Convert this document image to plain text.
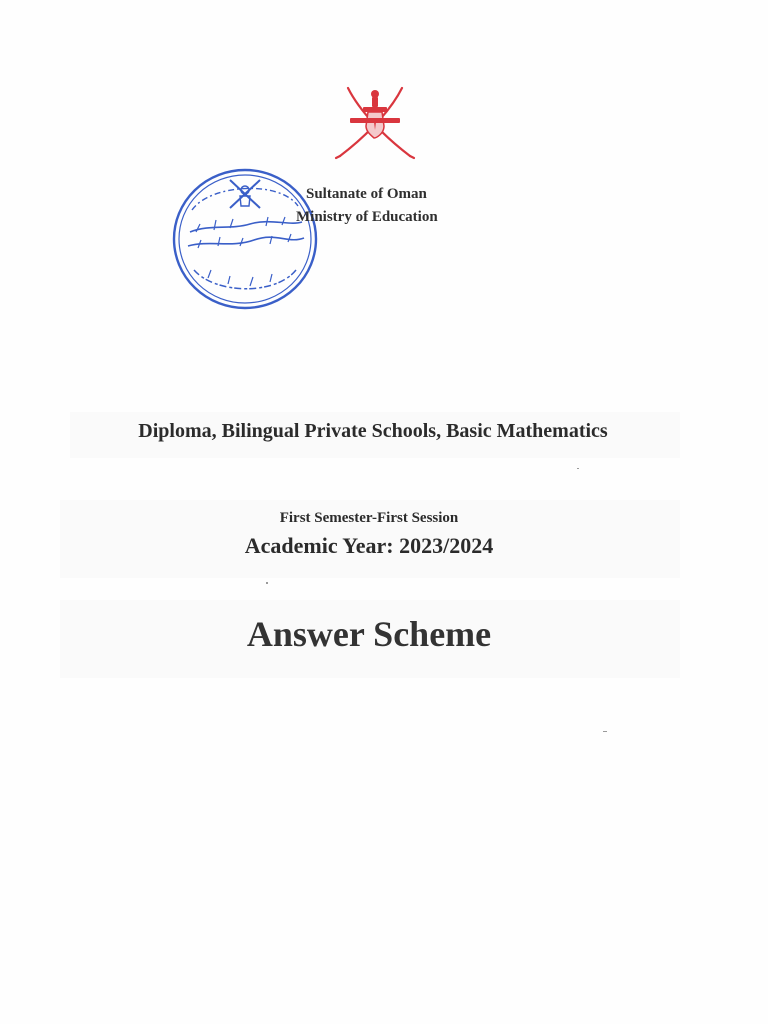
Sultanate of Oman
Ministry of Education
Diploma, Bilingual Private Schools, Basic Mathematics
First Semester-First Session
Academic Year: 2023/2024
Answer Scheme
